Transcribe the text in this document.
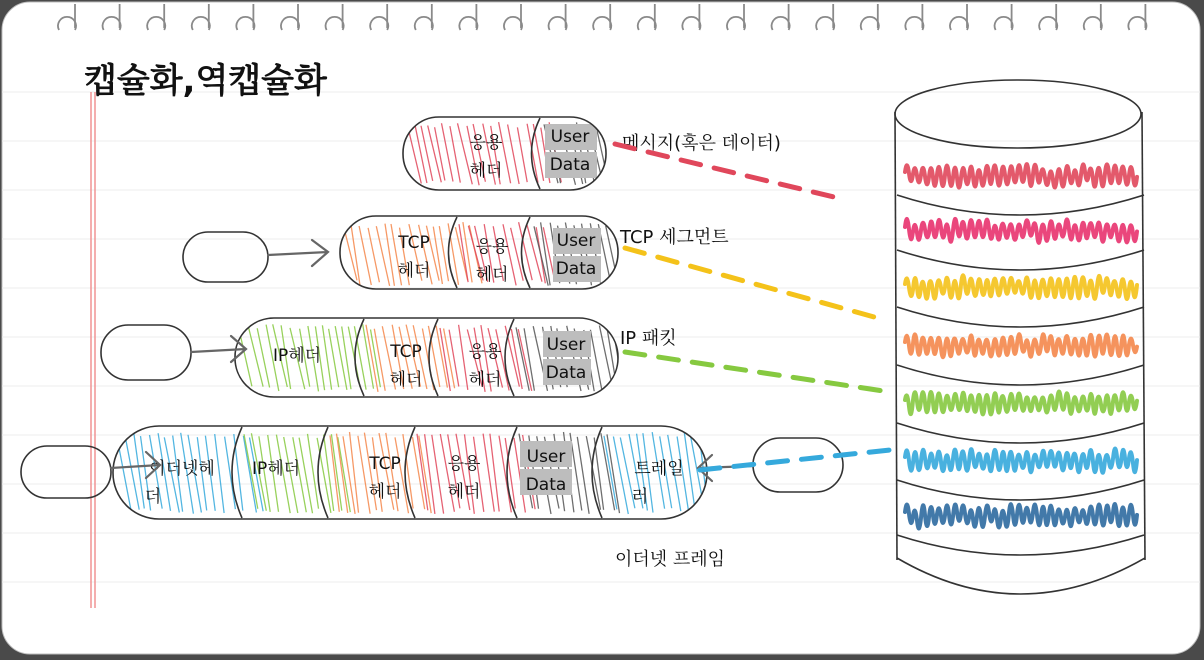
캡슐화,역캡슐화
응용
헤더
User
Data
TCP
헤더
응용
헤더
User
Data
IP헤더	TCP
헤더
응용
헤더
User
Data
이더넷헤
더
IP헤더	TCP
헤더
응용
헤더
User
Data
트레일
러
메시지(혹은 데이터)
TCP 세그먼트
IP 패킷
이더넷 프레임
